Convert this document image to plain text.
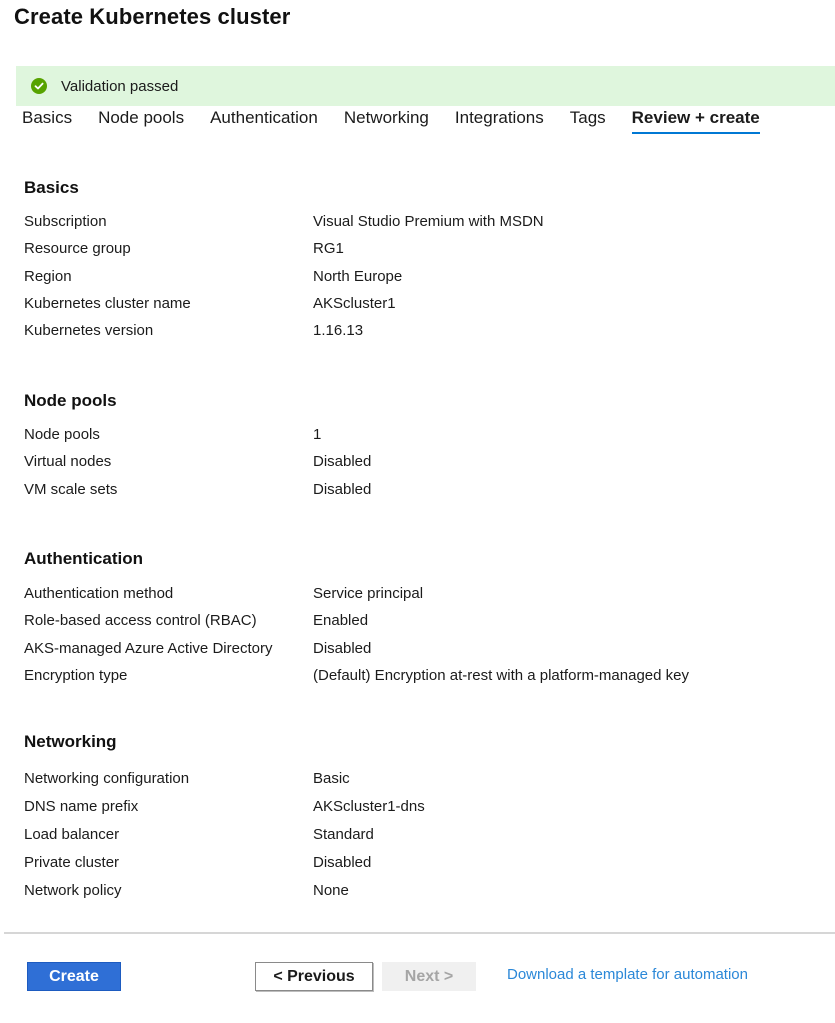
Create Kubernetes cluster
Validation passed
Basics Node pools Authentication Networking Integrations Tags Review + create
Basics
Subscription	Visual Studio Premium with MSDN
Resource group	RG1
Region	North Europe
Kubernetes cluster name	AKScluster1
Kubernetes version	1.16.13
Node pools
Node pools	1
Virtual nodes	Disabled
VM scale sets	Disabled
Authentication
Authentication method	Service principal
Role-based access control (RBAC)	Enabled
AKS-managed Azure Active Directory	Disabled
Encryption type	(Default) Encryption at-rest with a platform-managed key
Networking
Networking configuration	Basic
DNS name prefix	AKScluster1-dns
Load balancer	Standard
Private cluster	Disabled
Network policy	None
Create	< Previous	Next >	Download a template for automation
